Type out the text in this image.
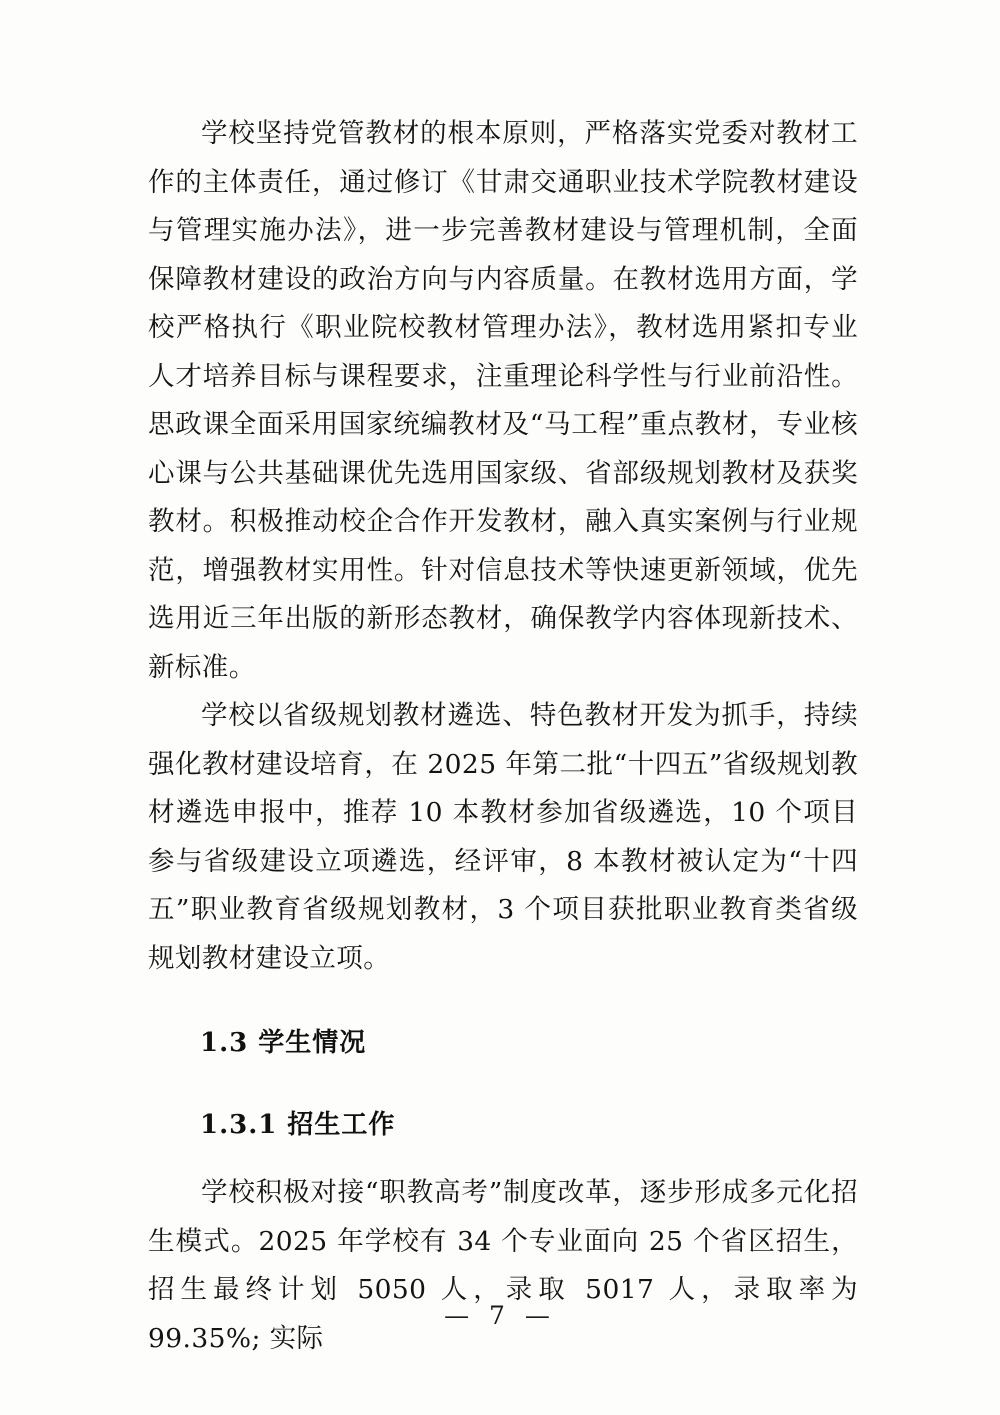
学校坚持党管教材的根本原则，严格落实党委对教材工作的主体责任，通过修订《甘肃交通职业技术学院教材建设与管理实施办法》，进一步完善教材建设与管理机制，全面保障教材建设的政治方向与内容质量。在教材选用方面，学校严格执行《职业院校教材管理办法》，教材选用紧扣专业人才培养目标与课程要求，注重理论科学性与行业前沿性。思政课全面采用国家统编教材及“马工程”重点教材，专业核心课与公共基础课优先选用国家级、省部级规划教材及获奖教材。积极推动校企合作开发教材，融入真实案例与行业规范，增强教材实用性。针对信息技术等快速更新领域，优先选用近三年出版的新形态教材，确保教学内容体现新技术、新标准。

学校以省级规划教材遴选、特色教材开发为抓手，持续强化教材建设培育，在 2025 年第二批“十四五”省级规划教材遴选申报中，推荐 10 本教材参加省级遴选，10 个项目参与省级建设立项遴选，经评审，8 本教材被认定为“十四五”职业教育省级规划教材，3 个项目获批职业教育类省级规划教材建设立项。

1.3 学生情况
1.3.1 招生工作

学校积极对接“职教高考”制度改革，逐步形成多元化招生模式。2025 年学校有 34 个专业面向 25 个省区招生，招生最终计划 5050 人，录取 5017 人，录取率为 99.35%; 实际

— 7 —
